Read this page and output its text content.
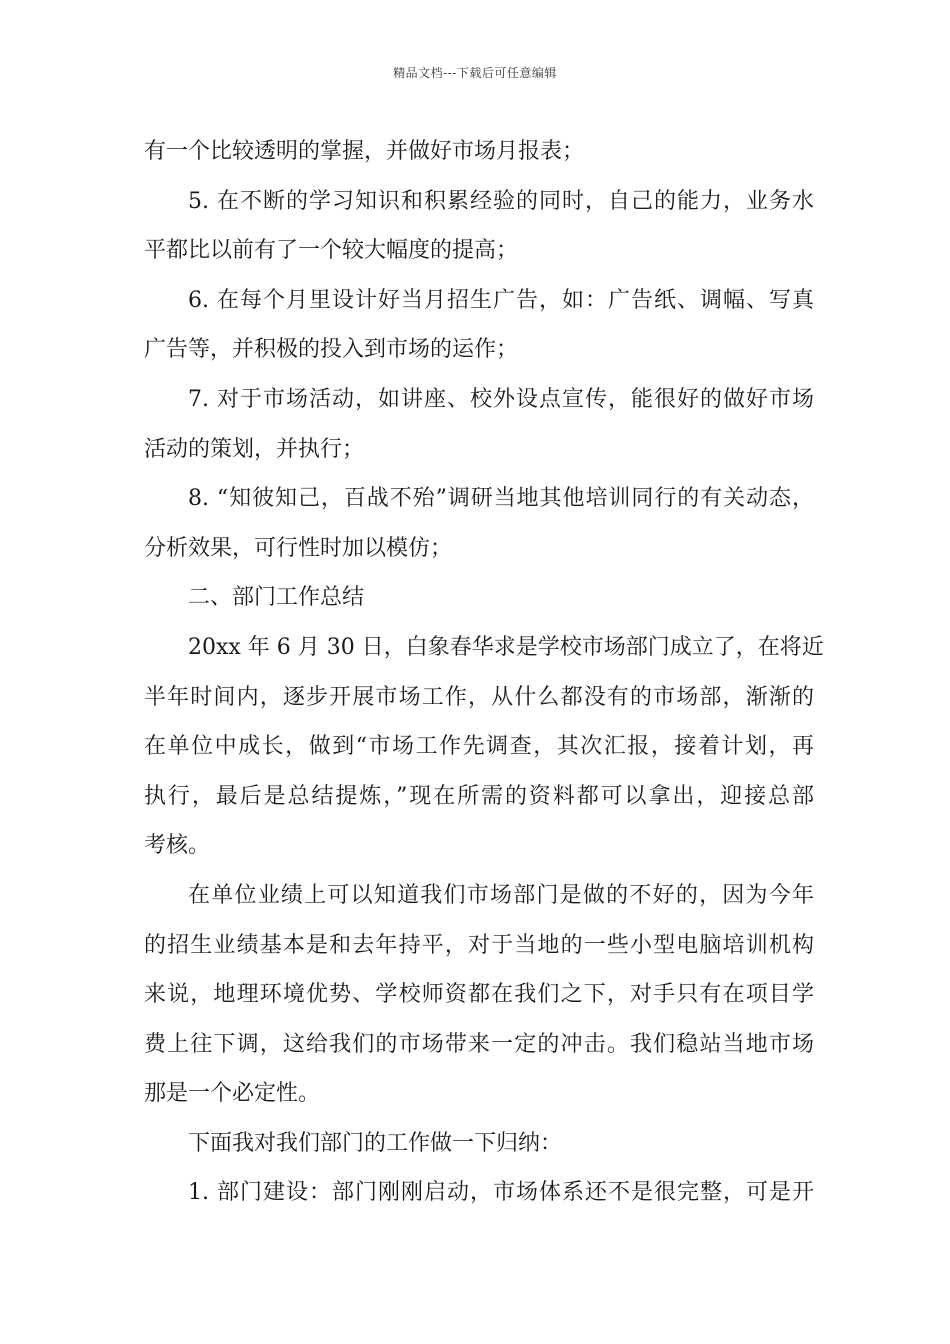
精品文档---下载后可任意编辑
有一个比较透明的掌握，并做好市场月报表；
5. 在不断的学习知识和积累经验的同时，自己的能力，业务水
平都比以前有了一个较大幅度的提高；
6. 在每个月里设计好当月招生广告，如：广告纸、调幅、写真
广告等，并积极的投入到市场的运作；
7. 对于市场活动，如讲座、校外设点宣传，能很好的做好市场
活动的策划，并执行；
8. “知彼知己，百战不殆”调研当地其他培训同行的有关动态，
分析效果，可行性时加以模仿；
二、部门工作总结
20xx 年 6 月 30 日，白象春华求是学校市场部门成立了，在将近
半年时间内，逐步开展市场工作，从什么都没有的市场部，渐渐的
在单位中成长，做到“市场工作先调查，其次汇报，接着计划，再
执行，最后是总结提炼，”现在所需的资料都可以拿出，迎接总部
考核。
在单位业绩上可以知道我们市场部门是做的不好的，因为今年
的招生业绩基本是和去年持平，对于当地的一些小型电脑培训机构
来说，地理环境优势、学校师资都在我们之下，对手只有在项目学
费上往下调，这给我们的市场带来一定的冲击。我们稳站当地市场
那是一个必定性。
下面我对我们部门的工作做一下归纳：
1. 部门建设：部门刚刚启动，市场体系还不是很完整，可是开
